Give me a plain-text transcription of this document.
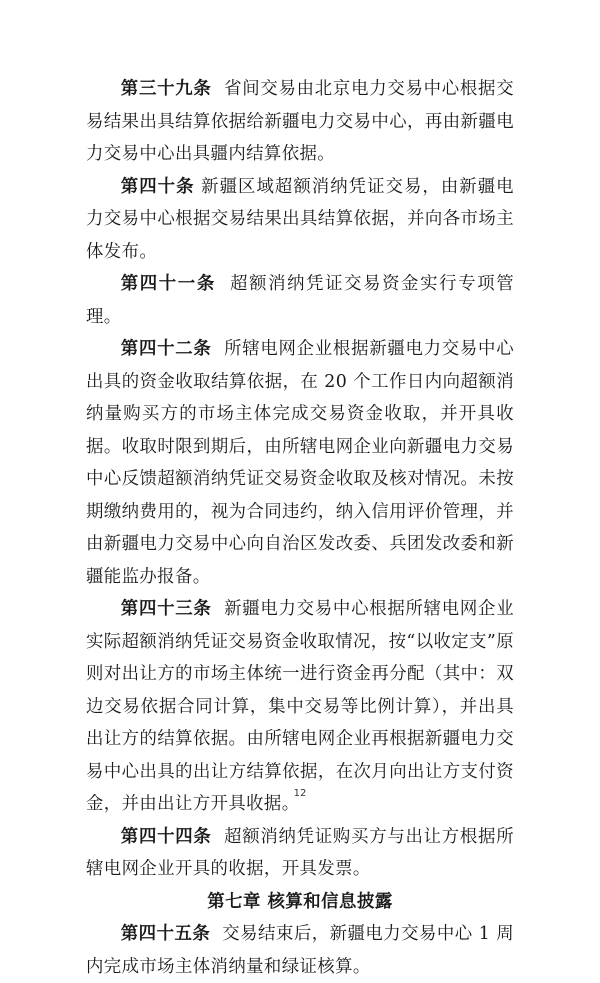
第三十九条 省间交易由北京电力交易中心根据交易结果出具结算依据给新疆电力交易中心，再由新疆电力交易中心出具疆内结算依据。

第四十条 新疆区域超额消纳凭证交易，由新疆电力交易中心根据交易结果出具结算依据，并向各市场主体发布。

第四十一条 超额消纳凭证交易资金实行专项管理。

第四十二条 所辖电网企业根据新疆电力交易中心出具的资金收取结算依据，在 20 个工作日内向超额消纳量购买方的市场主体完成交易资金收取，并开具收据。收取时限到期后，由所辖电网企业向新疆电力交易中心反馈超额消纳凭证交易资金收取及核对情况。未按期缴纳费用的，视为合同违约，纳入信用评价管理，并由新疆电力交易中心向自治区发改委、兵团发改委和新疆能监办报备。

第四十三条 新疆电力交易中心根据所辖电网企业实际超额消纳凭证交易资金收取情况，按“以收定支”原则对出让方的市场主体统一进行资金再分配（其中：双边交易依据合同计算，集中交易等比例计算），并出具出让方的结算依据。由所辖电网企业再根据新疆电力交易中心出具的出让方结算依据，在次月向出让方支付资金，并由出让方开具收据。

第四十四条 超额消纳凭证购买方与出让方根据所辖电网企业开具的收据，开具发票。

第七章 核算和信息披露

第四十五条 交易结束后，新疆电力交易中心 1 周内完成市场主体消纳量和绿证核算。

12
